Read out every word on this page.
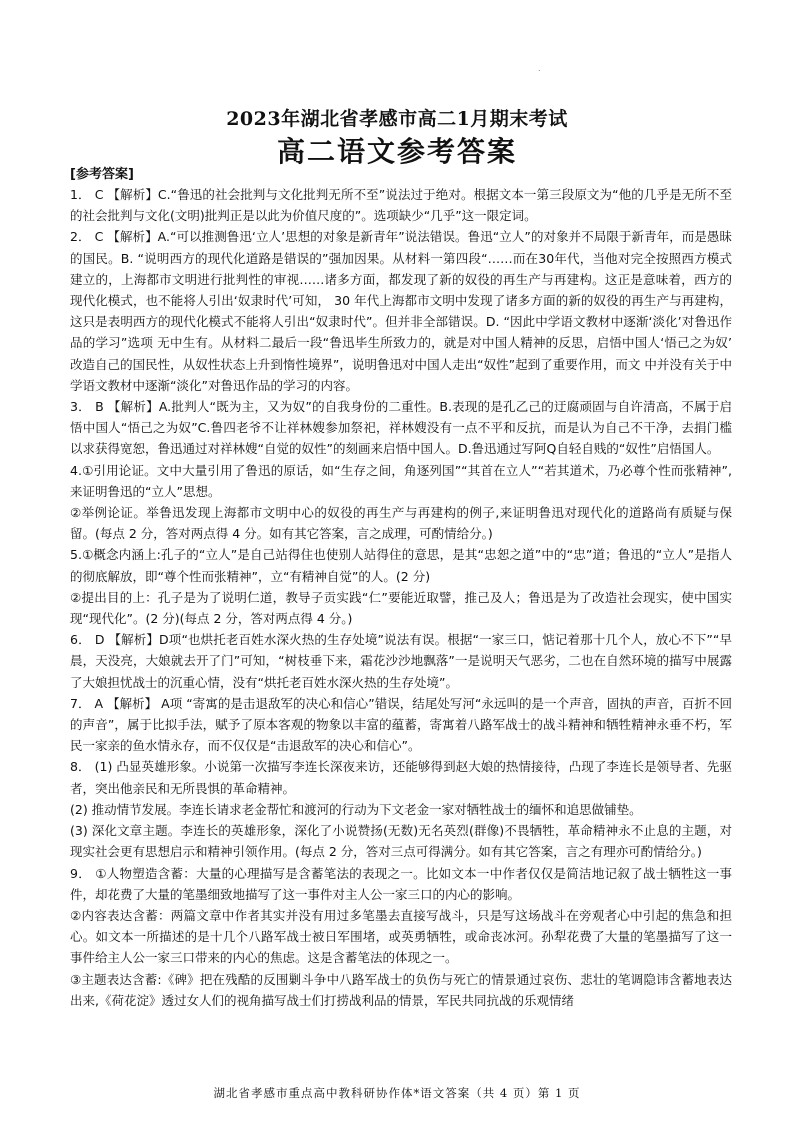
.
2023年湖北省孝感市高二1月期末考试
高二语文参考答案
[参考答案]

1． C 【解析】C.“鲁迅的社会批判与文化批判无所不至”说法过于绝对。根据文本一第三段原文为“他的几乎是无所不至的社会批判与文化(文明)批判正是以此为价值尺度的”。选项缺少“几乎”这一限定词。

2． C 【解析】A.“可以推测鲁迅‘立人’思想的对象是新青年”说法错误。鲁迅“立人”的对象并不局限于新青年，而是愚昧的国民。B. “说明西方的现代化道路是错误的”强加因果。从材料一第四段“……而在30年代，当他对完全按照西方模式建立的，上海都市文明进行批判性的审视……诸多方面，都发现了新的奴役的再生产与再建构。这正是意味着，西方的现代化模式，也不能将人引出‘奴隶时代’可知， 30 年代上海都市文明中发现了诸多方面的新的奴役的再生产与再建构，这只是表明西方的现代化模式不能将人引出“奴隶时代”。但并非全部错误。D. “因此中学语文教材中逐渐‘淡化’对鲁迅作品的学习”选项 无中生有。从材料二最后一段“鲁迅毕生所致力的，就是对中国人精神的反思，启悟中国人‘悟己之为奴’ 改造自己的国民性，从奴性状态上升到惰性境界”，说明鲁迅对中国人走出“奴性”起到了重要作用，而文 中并没有关于中学语文教材中逐渐“淡化”对鲁迅作品的学习的内容。

3． B 【解析】A.批判人“既为主，又为奴”的自我身份的二重性。B.表现的是孔乙己的迂腐顽固与自许清高，不属于启悟中国人“悟己之为奴”C.鲁四老爷不让祥林嫂参加祭祀，祥林嫂没有一点不平和反抗，而是认为自己不干净，去捐门槛以求获得宽恕，鲁迅通过对祥林嫂“自觉的奴性”的刻画来启悟中国人。D.鲁迅通过写阿Q自轻自贱的“奴性”启悟国人。

4.①引用论证。文中大量引用了鲁迅的原话，如“生存之间，角逐列国”“其首在立人”“若其道术，乃必尊个性而张精神”,来证明鲁迅的“立人”思想。

②举例论证。举鲁迅发现上海都市文明中心的奴役的再生产与再建构的例子,来证明鲁迅对现代化的道路尚有质疑与保留。(每点 2 分，答对两点得 4 分。如有其它答案，言之成理，可酌情给分。)

5.①概念内涵上:孔子的“立人”是自己站得住也使别人站得住的意思，是其“忠恕之道”中的“忠”道；鲁迅的“立人”是指人的彻底解放，即“尊个性而张精神”，立“有精神自觉”的人。(2 分)

②提出目的上：孔子是为了说明仁道，教导子贡实践“仁”要能近取譬，推己及人；鲁迅是为了改造社会现实，使中国实现“现代化”。(2 分)(每点 2 分，答对两点得 4 分。)

6． D 【解析】D项“也烘托老百姓水深火热的生存处境”说法有误。根据“一家三口，惦记着那十几个人，放心不下”“早晨，天没亮，大娘就去开了门”可知，“树枝垂下来，霜花沙沙地飘落”一是说明天气恶劣，二也在自然环境的描写中展露了大娘担忧战士的沉重心情，没有“烘托老百姓水深火热的生存处境”。

7． A 【解析】 A项 “寄寓的是击退敌军的决心和信心”错误，结尾处写河“永远叫的是一个声音，固执的声音，百折不回的声音”，属于比拟手法，赋予了原本客观的物象以丰富的蕴蓄，寄寓着八路军战士的战斗精神和牺牲精神永垂不朽，军民一家亲的鱼水情永存，而不仅仅是“击退敌军的决心和信心”。

8． (1) 凸显英雄形象。小说第一次描写李连长深夜来访，还能够得到赵大娘的热情接待，凸现了李连长是领导者、先驱者，突出他亲民和无所畏惧的革命精神。

(2) 推动情节发展。李连长请求老金帮忙和渡河的行动为下文老金一家对牺牲战士的缅怀和追思做铺垫。

(3) 深化文章主题。李连长的英雄形象，深化了小说赞扬(无数)无名英烈(群像)不畏牺牲，革命精神永不止息的主题，对现实社会更有思想启示和精神引领作用。(每点 2 分，答对三点可得满分。如有其它答案，言之有理亦可酌情给分。)

9． ①人物塑造含蓄：大量的心理描写是含蓄笔法的表现之一。比如文本一中作者仅仅是简洁地记叙了战士牺牲这一事件，却花费了大量的笔墨细致地描写了这一事件对主人公一家三口的内心的影响。

②内容表达含蓄：两篇文章中作者其实并没有用过多笔墨去直接写战斗，只是写这场战斗在旁观者心中引起的焦急和担心。如文本一所描述的是十几个八路军战士被日军围堵，或英勇牺牲，或命丧冰河。孙犁花费了大量的笔墨描写了这一事件给主人公一家三口带来的内心的焦虑。这是含蓄笔法的体现之一。

③主题表达含蓄:《碑》把在残酷的反围剿斗争中八路军战士的负伤与死亡的情景通过哀伤、悲壮的笔调隐讳含蓄地表达出来,《荷花淀》透过女人们的视角描写战士们打捞战利品的情景，军民共同抗战的乐观情绪

湖北省孝感市重点高中教科研协作体*语文答案（共 4 页）第 1 页
